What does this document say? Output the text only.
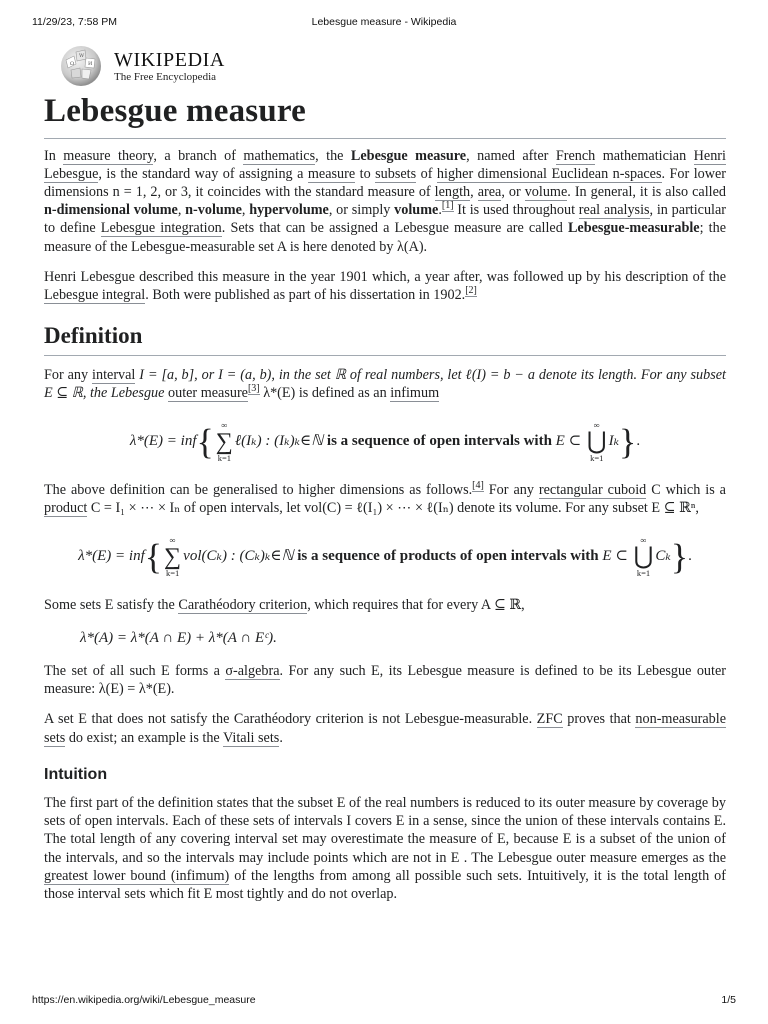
11/29/23, 7:58 PM	Lebesgue measure - Wikipedia
Ω
W
И WIKIPEDIA
The Free Encyclopedia
Lebesgue measure

In measure theory, a branch of mathematics, the Lebesgue measure, named after French mathematician Henri Lebesgue, is the standard way of assigning a measure to subsets of higher dimensional Euclidean n-spaces. For lower dimensions n = 1, 2, or 3, it coincides with the standard measure of length, area, or volume. In general, it is also called n-dimensional volume, n-volume, hypervolume, or simply volume.[1] It is used throughout real analysis, in particular to define Lebesgue integration. Sets that can be assigned a Lebesgue measure are called Lebesgue-measurable; the measure of the Lebesgue-measurable set A is here denoted by λ(A).

Henri Lebesgue described this measure in the year 1901 which, a year after, was followed up by his description of the Lebesgue integral. Both were published as part of his dissertation in 1902.[2]

Definition

For any interval I = [a, b], or I = (a, b), in the set ℝ of real numbers, let ℓ(I) = b − a denote its length. For any subset E ⊆ ℝ, the Lebesgue outer measure[3] λ*(E) is defined as an infimum

λ*(E) = inf{ ∞
∑
k=1
ℓ(Iₖ) : (Iₖ)ₖ∈ℕ is a sequence of open intervals with E ⊂
∞
⋃
k=1
Iₖ}.

The above definition can be generalised to higher dimensions as follows.[4] For any rectangular cuboid C which is a product C = I₁ × ⋯ × Iₙ of open intervals, let vol(C) = ℓ(I₁) × ⋯ × ℓ(Iₙ) denote its volume. For any subset E ⊆ ℝⁿ,

λ*(E) = inf{ ∞
∑
k=1
vol(Cₖ) : (Cₖ)ₖ∈ℕ is a sequence of products of open intervals with E ⊂
∞
⋃
k=1
Cₖ}.

Some sets E satisfy the Carathéodory criterion, which requires that for every A ⊆ ℝ,

λ*(A) = λ*(A ∩ E) + λ*(A ∩ Eᶜ).

The set of all such E forms a σ-algebra. For any such E, its Lebesgue measure is defined to be its Lebesgue outer measure: λ(E) = λ*(E).

A set E that does not satisfy the Carathéodory criterion is not Lebesgue-measurable. ZFC proves that non-measurable sets do exist; an example is the Vitali sets.

Intuition

The first part of the definition states that the subset E of the real numbers is reduced to its outer measure by coverage by sets of open intervals. Each of these sets of intervals I covers E in a sense, since the union of these intervals contains E. The total length of any covering interval set may overestimate the measure of E, because E is a subset of the union of the intervals, and so the intervals may include points which are not in E . The Lebesgue outer measure emerges as the greatest lower bound (infimum) of the lengths from among all possible such sets. Intuitively, it is the total length of those interval sets which fit E most tightly and do not overlap.

https://en.wikipedia.org/wiki/Lebesgue_measure	1/5
